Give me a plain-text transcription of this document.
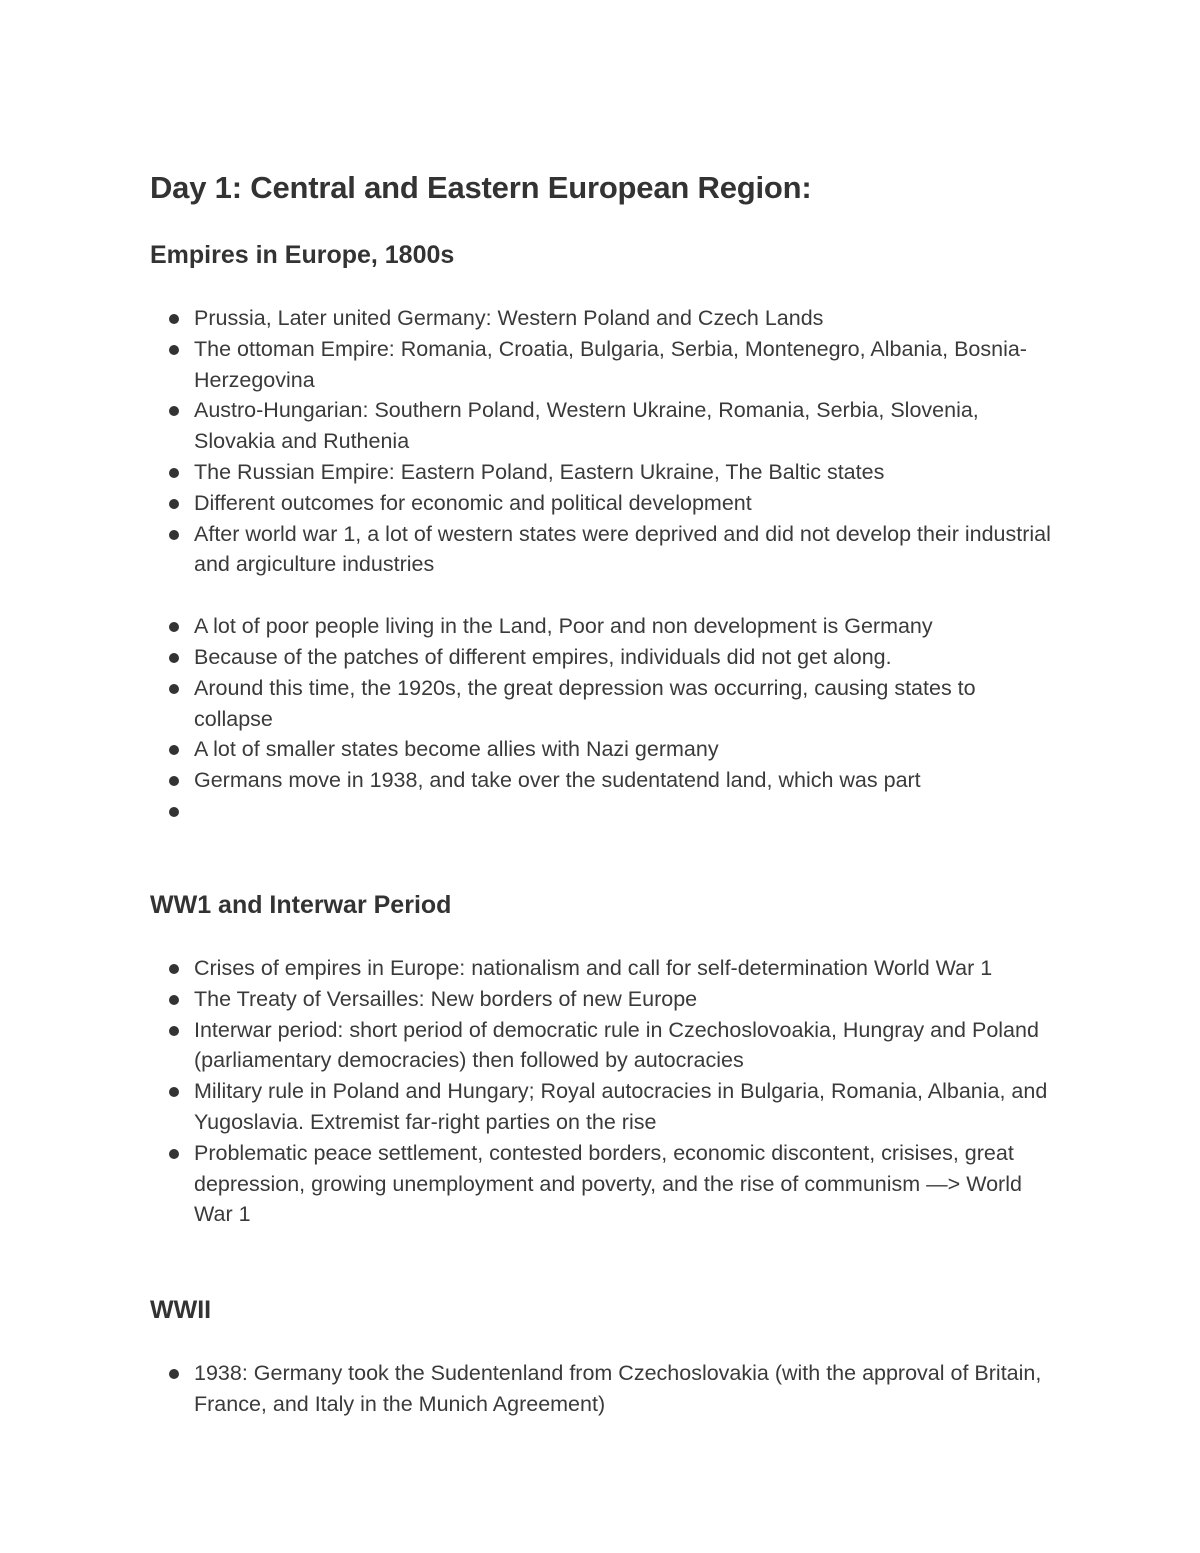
Day 1: Central and Eastern European Region:
Empires in Europe, 1800s
Prussia, Later united Germany: Western Poland and Czech Lands
The ottoman Empire: Romania, Croatia, Bulgaria, Serbia, Montenegro, Albania, Bosnia- Herzegovina
Austro-Hungarian: Southern Poland, Western Ukraine, Romania, Serbia, Slovenia, Slovakia and Ruthenia
The Russian Empire: Eastern Poland, Eastern Ukraine, The Baltic states
Different outcomes for economic and political development
After world war 1, a lot of western states were deprived and did not develop their industrial and argiculture industries
A lot of poor people living in the Land, Poor and non development is Germany
Because of the patches of different empires, individuals did not get along.
Around this time, the 1920s, the great depression was occurring, causing states to collapse
A lot of smaller states become allies with Nazi germany
Germans move in 1938, and take over the sudentatend land, which was part
WW1 and Interwar Period
Crises of empires in Europe: nationalism and call for self-determination World War 1
The Treaty of Versailles: New borders of new Europe
Interwar period: short period of democratic rule in Czechoslovoakia, Hungray and Poland (parliamentary democracies) then followed by autocracies
Military rule in Poland and Hungary; Royal autocracies in Bulgaria, Romania, Albania, and Yugoslavia. Extremist far-right parties on the rise
Problematic peace settlement, contested borders, economic discontent, crisises, great depression, growing unemployment and poverty, and the rise of communism —> World War 1
WWII
1938: Germany took the Sudentenland from Czechoslovakia (with the approval of Britain, France, and Italy in the Munich Agreement)
